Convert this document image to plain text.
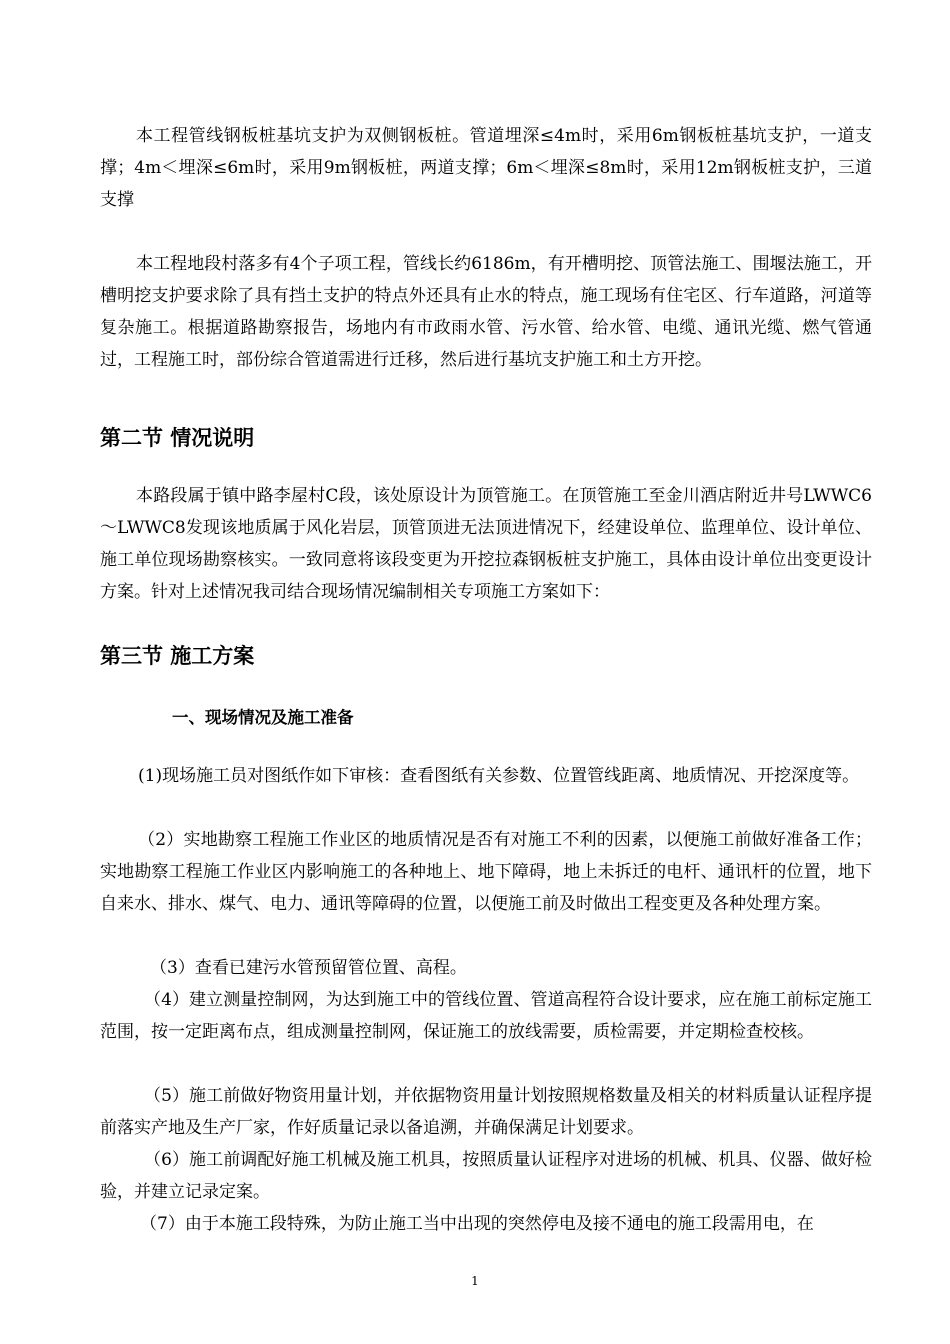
本工程管线钢板桩基坑支护为双侧钢板桩。管道埋深≤4m时，采用6m钢板桩基坑支护，一道支撑；4m＜埋深≤6m时，采用9m钢板桩，两道支撑；6m＜埋深≤8m时，采用12m钢板桩支护，三道支撑

本工程地段村落多有4个子项工程，管线长约6186m，有开槽明挖、顶管法施工、围堰法施工，开槽明挖支护要求除了具有挡土支护的特点外还具有止水的特点，施工现场有住宅区、行车道路，河道等复杂施工。根据道路勘察报告，场地内有市政雨水管、污水管、给水管、电缆、通讯光缆、燃气管通过，工程施工时，部份综合管道需进行迁移，然后进行基坑支护施工和土方开挖。

第二节 情况说明

本路段属于镇中路李屋村C段，该处原设计为顶管施工。在顶管施工至金川酒店附近井号LWWC6～LWWC8发现该地质属于风化岩层，顶管顶进无法顶进情况下，经建设单位、监理单位、设计单位、施工单位现场勘察核实。一致同意将该段变更为开挖拉森钢板桩支护施工，具体由设计单位出变更设计方案。针对上述情况我司结合现场情况编制相关专项施工方案如下：

第三节 施工方案
一、现场情况及施工准备

(1)现场施工员对图纸作如下审核：查看图纸有关参数、位置管线距离、地质情况、开挖深度等。

（2）实地勘察工程施工作业区的地质情况是否有对施工不利的因素，以便施工前做好准备工作；实地勘察工程施工作业区内影响施工的各种地上、地下障碍，地上未拆迁的电杆、通讯杆的位置，地下自来水、排水、煤气、电力、通讯等障碍的位置，以便施工前及时做出工程变更及各种处理方案。

（3）查看已建污水管预留管位置、高程。

（4）建立测量控制网，为达到施工中的管线位置、管道高程符合设计要求，应在施工前标定施工范围，按一定距离布点，组成测量控制网，保证施工的放线需要，质检需要，并定期检查校核。

（5）施工前做好物资用量计划，并依据物资用量计划按照规格数量及相关的材料质量认证程序提前落实产地及生产厂家，作好质量记录以备追溯，并确保满足计划要求。

（6）施工前调配好施工机械及施工机具，按照质量认证程序对进场的机械、机具、仪器、做好检验，并建立记录定案。

（7）由于本施工段特殊，为防止施工当中出现的突然停电及接不通电的施工段需用电，在

1
